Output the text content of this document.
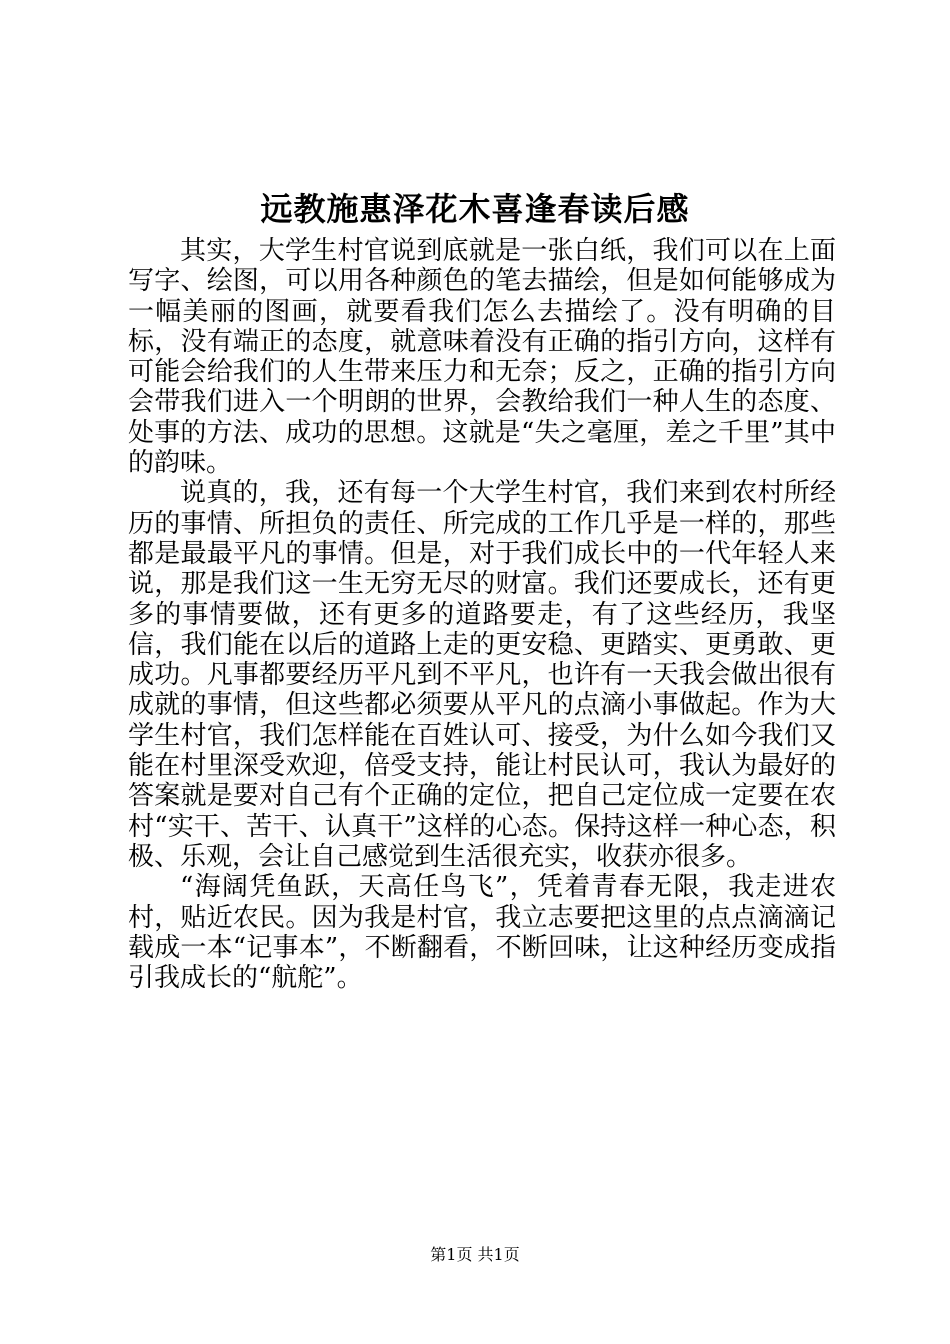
远教施惠泽花木喜逢春读后感

其实，大学生村官说到底就是一张白纸，我们可以在上面写字、绘图，可以用各种颜色的笔去描绘，但是如何能够成为一幅美丽的图画，就要看我们怎么去描绘了。没有明确的目标，没有端正的态度，就意味着没有正确的指引方向，这样有可能会给我们的人生带来压力和无奈；反之，正确的指引方向会带我们进入一个明朗的世界，会教给我们一种人生的态度、处事的方法、成功的思想。这就是“失之毫厘，差之千里”其中的韵味。

说真的，我，还有每一个大学生村官，我们来到农村所经历的事情、所担负的责任、所完成的工作几乎是一样的，那些都是最最平凡的事情。但是，对于我们成长中的一代年轻人来说，那是我们这一生无穷无尽的财富。我们还要成长，还有更多的事情要做，还有更多的道路要走，有了这些经历，我坚信，我们能在以后的道路上走的更安稳、更踏实、更勇敢、更成功。凡事都要经历平凡到不平凡，也许有一天我会做出很有成就的事情，但这些都必须要从平凡的点滴小事做起。作为大学生村官，我们怎样能在百姓认可、接受，为什么如今我们又能在村里深受欢迎，倍受支持，能让村民认可，我认为最好的答案就是要对自己有个正确的定位，把自己定位成一定要在农村“实干、苦干、认真干”这样的心态。保持这样一种心态，积极、乐观，会让自己感觉到生活很充实，收获亦很多。

“海阔凭鱼跃，天高任鸟飞”，凭着青春无限，我走进农村，贴近农民。因为我是村官，我立志要把这里的点点滴滴记载成一本“记事本”，不断翻看，不断回味，让这种经历变成指引我成长的“航舵”。

第1页 共1页
